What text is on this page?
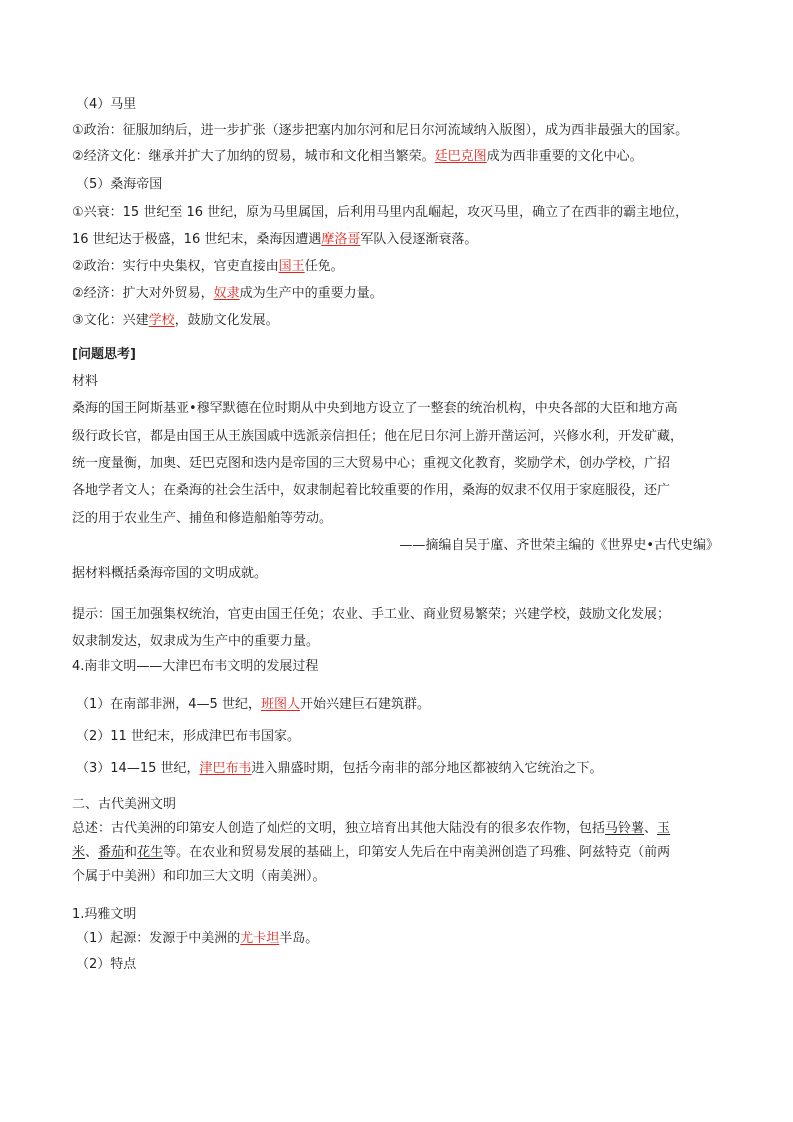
（4）马里
①政治：征服加纳后，进一步扩张（逐步把塞内加尔河和尼日尔河流域纳入版图），成为西非最强大的国家。
②经济文化：继承并扩大了加纳的贸易，城市和文化相当繁荣。廷巴克图成为西非重要的文化中心。
（5）桑海帝国
①兴衰：15 世纪至 16 世纪，原为马里属国，后利用马里内乱崛起，攻灭马里，确立了在西非的霸主地位，
16 世纪达于极盛，16 世纪末，桑海因遭遇摩洛哥军队入侵逐渐衰落。
②政治：实行中央集权，官吏直接由国王任免。
②经济：扩大对外贸易，奴隶成为生产中的重要力量。
③文化：兴建学校，鼓励文化发展。
[问题思考]
材料
桑海的国王阿斯基亚•穆罕默德在位时期从中央到地方设立了一整套的统治机构，中央各部的大臣和地方高
级行政长官，都是由国王从王族国戚中选派亲信担任；他在尼日尔河上游开凿运河，兴修水利，开发矿藏，
统一度量衡，加奥、廷巴克图和迭内是帝国的三大贸易中心；重视文化教育，奖励学术，创办学校，广招
各地学者文人；在桑海的社会生活中，奴隶制起着比较重要的作用，桑海的奴隶不仅用于家庭服役，还广
泛的用于农业生产、捕鱼和修造船舶等劳动。
——摘编自吴于廑、齐世荣主编的《世界史•古代史编》
据材料概括桑海帝国的文明成就。
提示：国王加强集权统治，官吏由国王任免；农业、手工业、商业贸易繁荣；兴建学校，鼓励文化发展；
奴隶制发达，奴隶成为生产中的重要力量。
4.南非文明——大津巴布韦文明的发展过程
（1）在南部非洲，4—5 世纪，班图人开始兴建巨石建筑群。
（2）11 世纪末，形成津巴布韦国家。
（3）14—15 世纪，津巴布韦进入鼎盛时期，包括今南非的部分地区都被纳入它统治之下。
二、古代美洲文明
总述：古代美洲的印第安人创造了灿烂的文明，独立培育出其他大陆没有的很多农作物，包括马铃薯、玉
米、番茄和花生等。在农业和贸易发展的基础上，印第安人先后在中南美洲创造了玛雅、阿兹特克（前两
个属于中美洲）和印加三大文明（南美洲）。
1.玛雅文明
（1）起源：发源于中美洲的尤卡坦半岛。
（2）特点
